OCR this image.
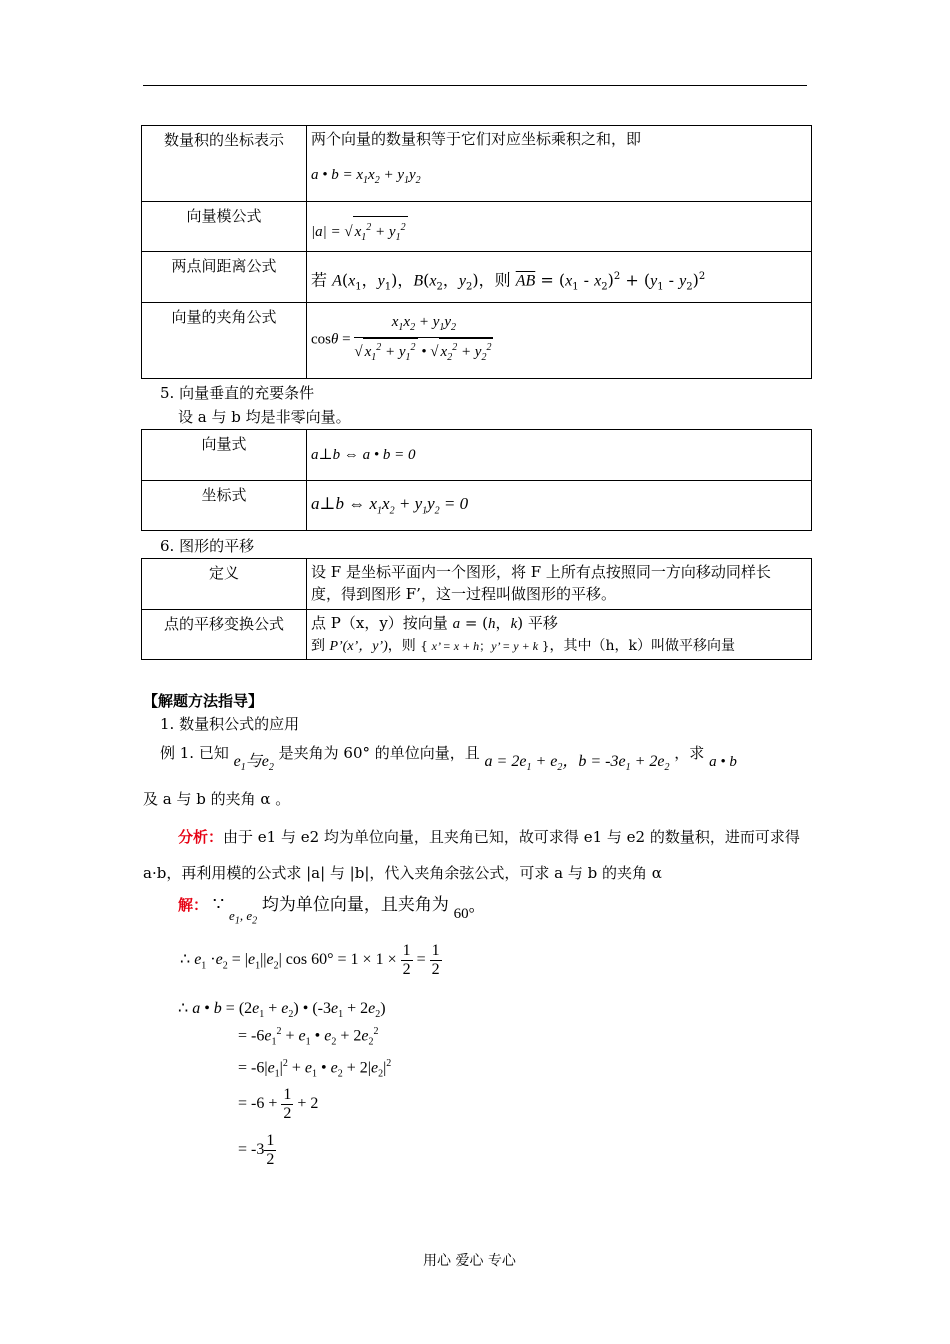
数量积的坐标表示	两个向量的数量积等于它们对应坐标乘积之和，即
a • $b = x_1x_2 + y_1y_2$

向量模公式	|a| = √ $x_1^2 + y_1^2$

两点间距离公式	若 $A(x_1$，$y_1$)，$B(x_2$，$y_2$)，则 $\overline{AB} = (x_1 - x_2)^2 + (y_1 - y_2)^2$

向量的夹角公式	$\cos\theta = \frac{x_1x_2 + y_1y_2}{√ x_1^2 + y_1^2 • √ x_2^2 + y_2^2}$
5. 向量垂直的充要条件
设 a 与 b 均是非零向量。
向量式	a⊥b ⇔ a • b = 0

坐标式	a⊥b ⇔ $x_1x_2 + y_1y_2 = 0$
6. 图形的平移
定义	设 F 是坐标平面内一个图形，将 F 上所有点按照同一方向移动同样长
度，得到图形 F’，这一过程叫做图形的平移。

点的平移变换公式	点 P（x，y）按向量 a = (h，k) 平移
到 P’(x’，y’)，则 { x’ = x + h；y’ = y + k }，其中（h，k）叫做平移向量
【解题方法指导】
1. 数量积公式的应用
例 1. 已知 $e_1$与$e_2$ 是夹角为 60° 的单位向量，且 $a = 2e_1 + e_2$，$b = -3e_1 + 2e_2$ ，求 a • b
及 a 与 b 的夹角 α 。
分析：由于 e1 与 e2 均为单位向量，且夹角已知，故可求得 e1 与 e2 的数量积，进而可求得
a·b，再利用模的公式求 |a| 与 |b|，代入夹角余弦公式，可求 a 与 b 的夹角 α
解： ∵ $e_1$, $e_2$ 均为单位向量，且夹角为 60°
∴ $e_1 \cdot e_2 = |e_1||e_2|$ $\cos 60^\circ = 1 \times 1 \times \frac{1}{2} = \frac{1}{2}$
∴ a • $b = (2e_1 + e_2)$ • $(-3e_1 + 2e_2)$
= $-6e_1^2 + e_1$ • $e_2 + 2e_2^2$
= $-6|e_1|^2 + e_1$ • $e_2 + 2|e_2|^2$
= $-6 + \frac{1}{2} + 2$
= $-3 \frac{1}{2}$
用心 爱心 专心
